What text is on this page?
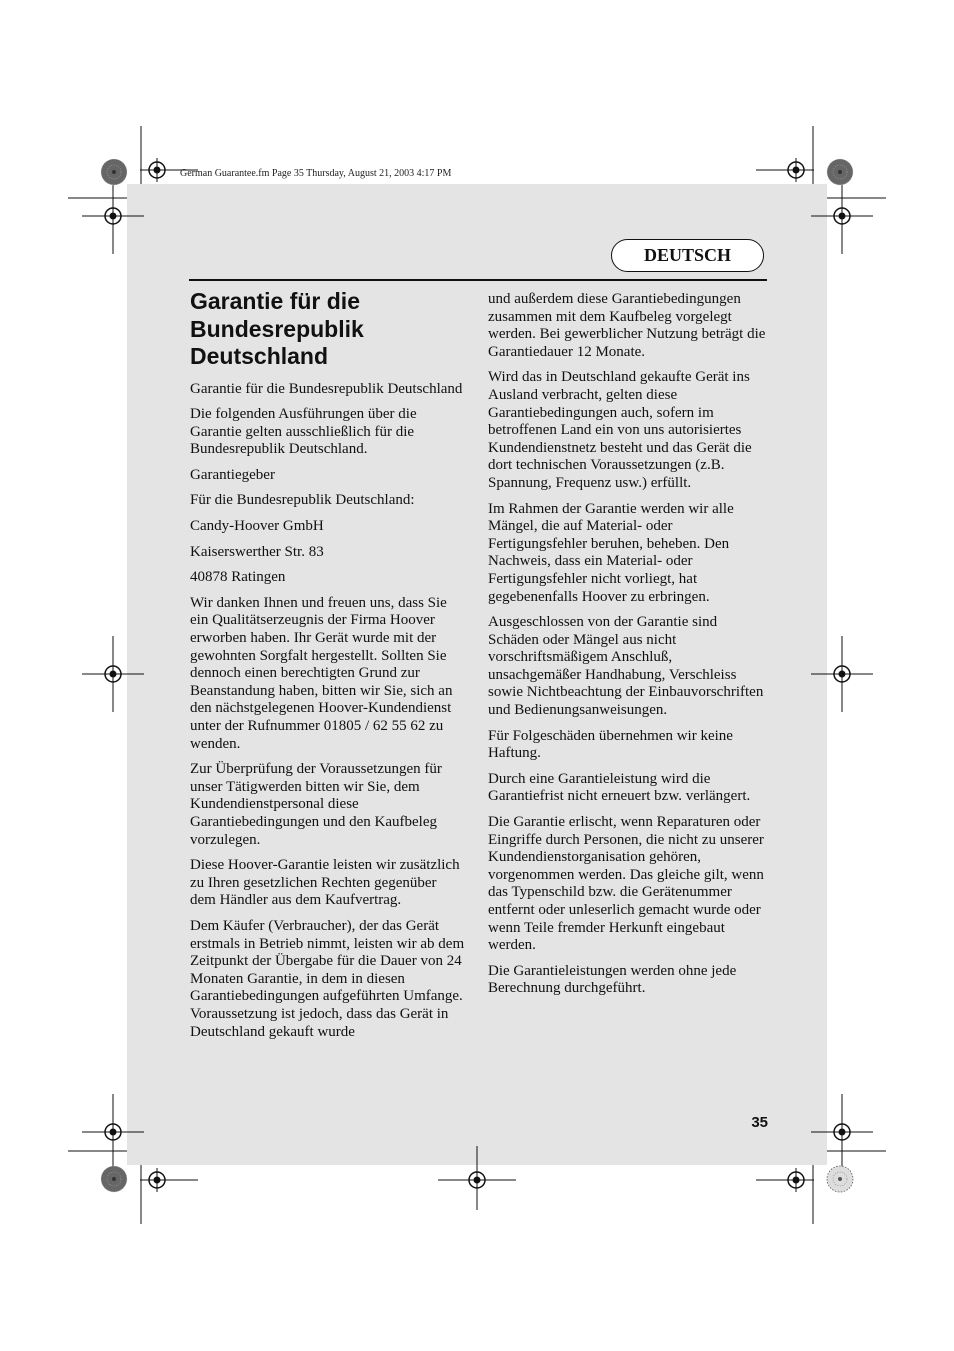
German Guarantee.fm Page 35 Thursday, August 21, 2003 4:17 PM
DEUTSCH
Garantie für die Bundesrepublik Deutschland

Garantie für die Bundesrepublik Deutschland

Die folgenden Ausführungen über die Garantie gelten ausschließlich für die Bundesrepublik Deutschland.

Garantiegeber

Für die Bundesrepublik Deutschland:

Candy-Hoover GmbH

Kaiserswerther Str. 83

40878 Ratingen

Wir danken Ihnen und freuen uns, dass Sie ein Qualitätserzeugnis der Firma Hoover erworben haben. Ihr Gerät wurde mit der gewohnten Sorgfalt hergestellt. Sollten Sie dennoch einen berechtigten Grund zur Beanstandung haben, bitten wir Sie, sich an den nächstgelegenen Hoover-Kundendienst unter der Rufnummer 01805 / 62 55 62 zu wenden.

Zur Überprüfung der Voraussetzungen für unser Tätigwerden bitten wir Sie, dem Kundendienstpersonal diese Garantiebedingungen und den Kaufbeleg vorzulegen.

Diese Hoover-Garantie leisten wir zusätzlich zu Ihren gesetzlichen Rechten gegenüber dem Händler aus dem Kaufvertrag.

Dem Käufer (Verbraucher), der das Gerät erstmals in Betrieb nimmt, leisten wir ab dem Zeitpunkt der Übergabe für die Dauer von 24 Monaten Garantie, in dem in diesen Garantiebedingungen aufgeführten Umfange. Voraussetzung ist jedoch, dass das Gerät in Deutschland gekauft wurde

und außerdem diese Garantiebedingungen zusammen mit dem Kaufbeleg vorgelegt werden. Bei gewerblicher Nutzung beträgt die Garantiedauer 12 Monate.

Wird das in Deutschland gekaufte Gerät ins Ausland verbracht, gelten diese Garantiebedingungen auch, sofern im betroffenen Land ein von uns autorisiertes Kundendienstnetz besteht und das Gerät die dort technischen Voraussetzungen (z.B. Spannung, Frequenz usw.) erfüllt.

Im Rahmen der Garantie werden wir alle Mängel, die auf Material- oder Fertigungsfehler beruhen, beheben. Den Nachweis, dass ein Material- oder Fertigungsfehler nicht vorliegt, hat gegebenenfalls Hoover zu erbringen.

Ausgeschlossen von der Garantie sind Schäden oder Mängel aus nicht vorschriftsmäßigem Anschluß, unsachgemäßer Handhabung, Verschleiss sowie Nichtbeachtung der Einbauvorschriften und Bedienungsanweisungen.

Für Folgeschäden übernehmen wir keine Haftung.

Durch eine Garantieleistung wird die Garantiefrist nicht erneuert bzw. verlängert.

Die Garantie erlischt, wenn Reparaturen oder Eingriffe durch Personen, die nicht zu unserer Kundendienstorganisation gehören, vorgenommen werden. Das gleiche gilt, wenn das Typenschild bzw. die Gerätenummer entfernt oder unleserlich gemacht wurde oder wenn Teile fremder Herkunft eingebaut werden.

Die Garantieleistungen werden ohne jede Berechnung durchgeführt.

35
